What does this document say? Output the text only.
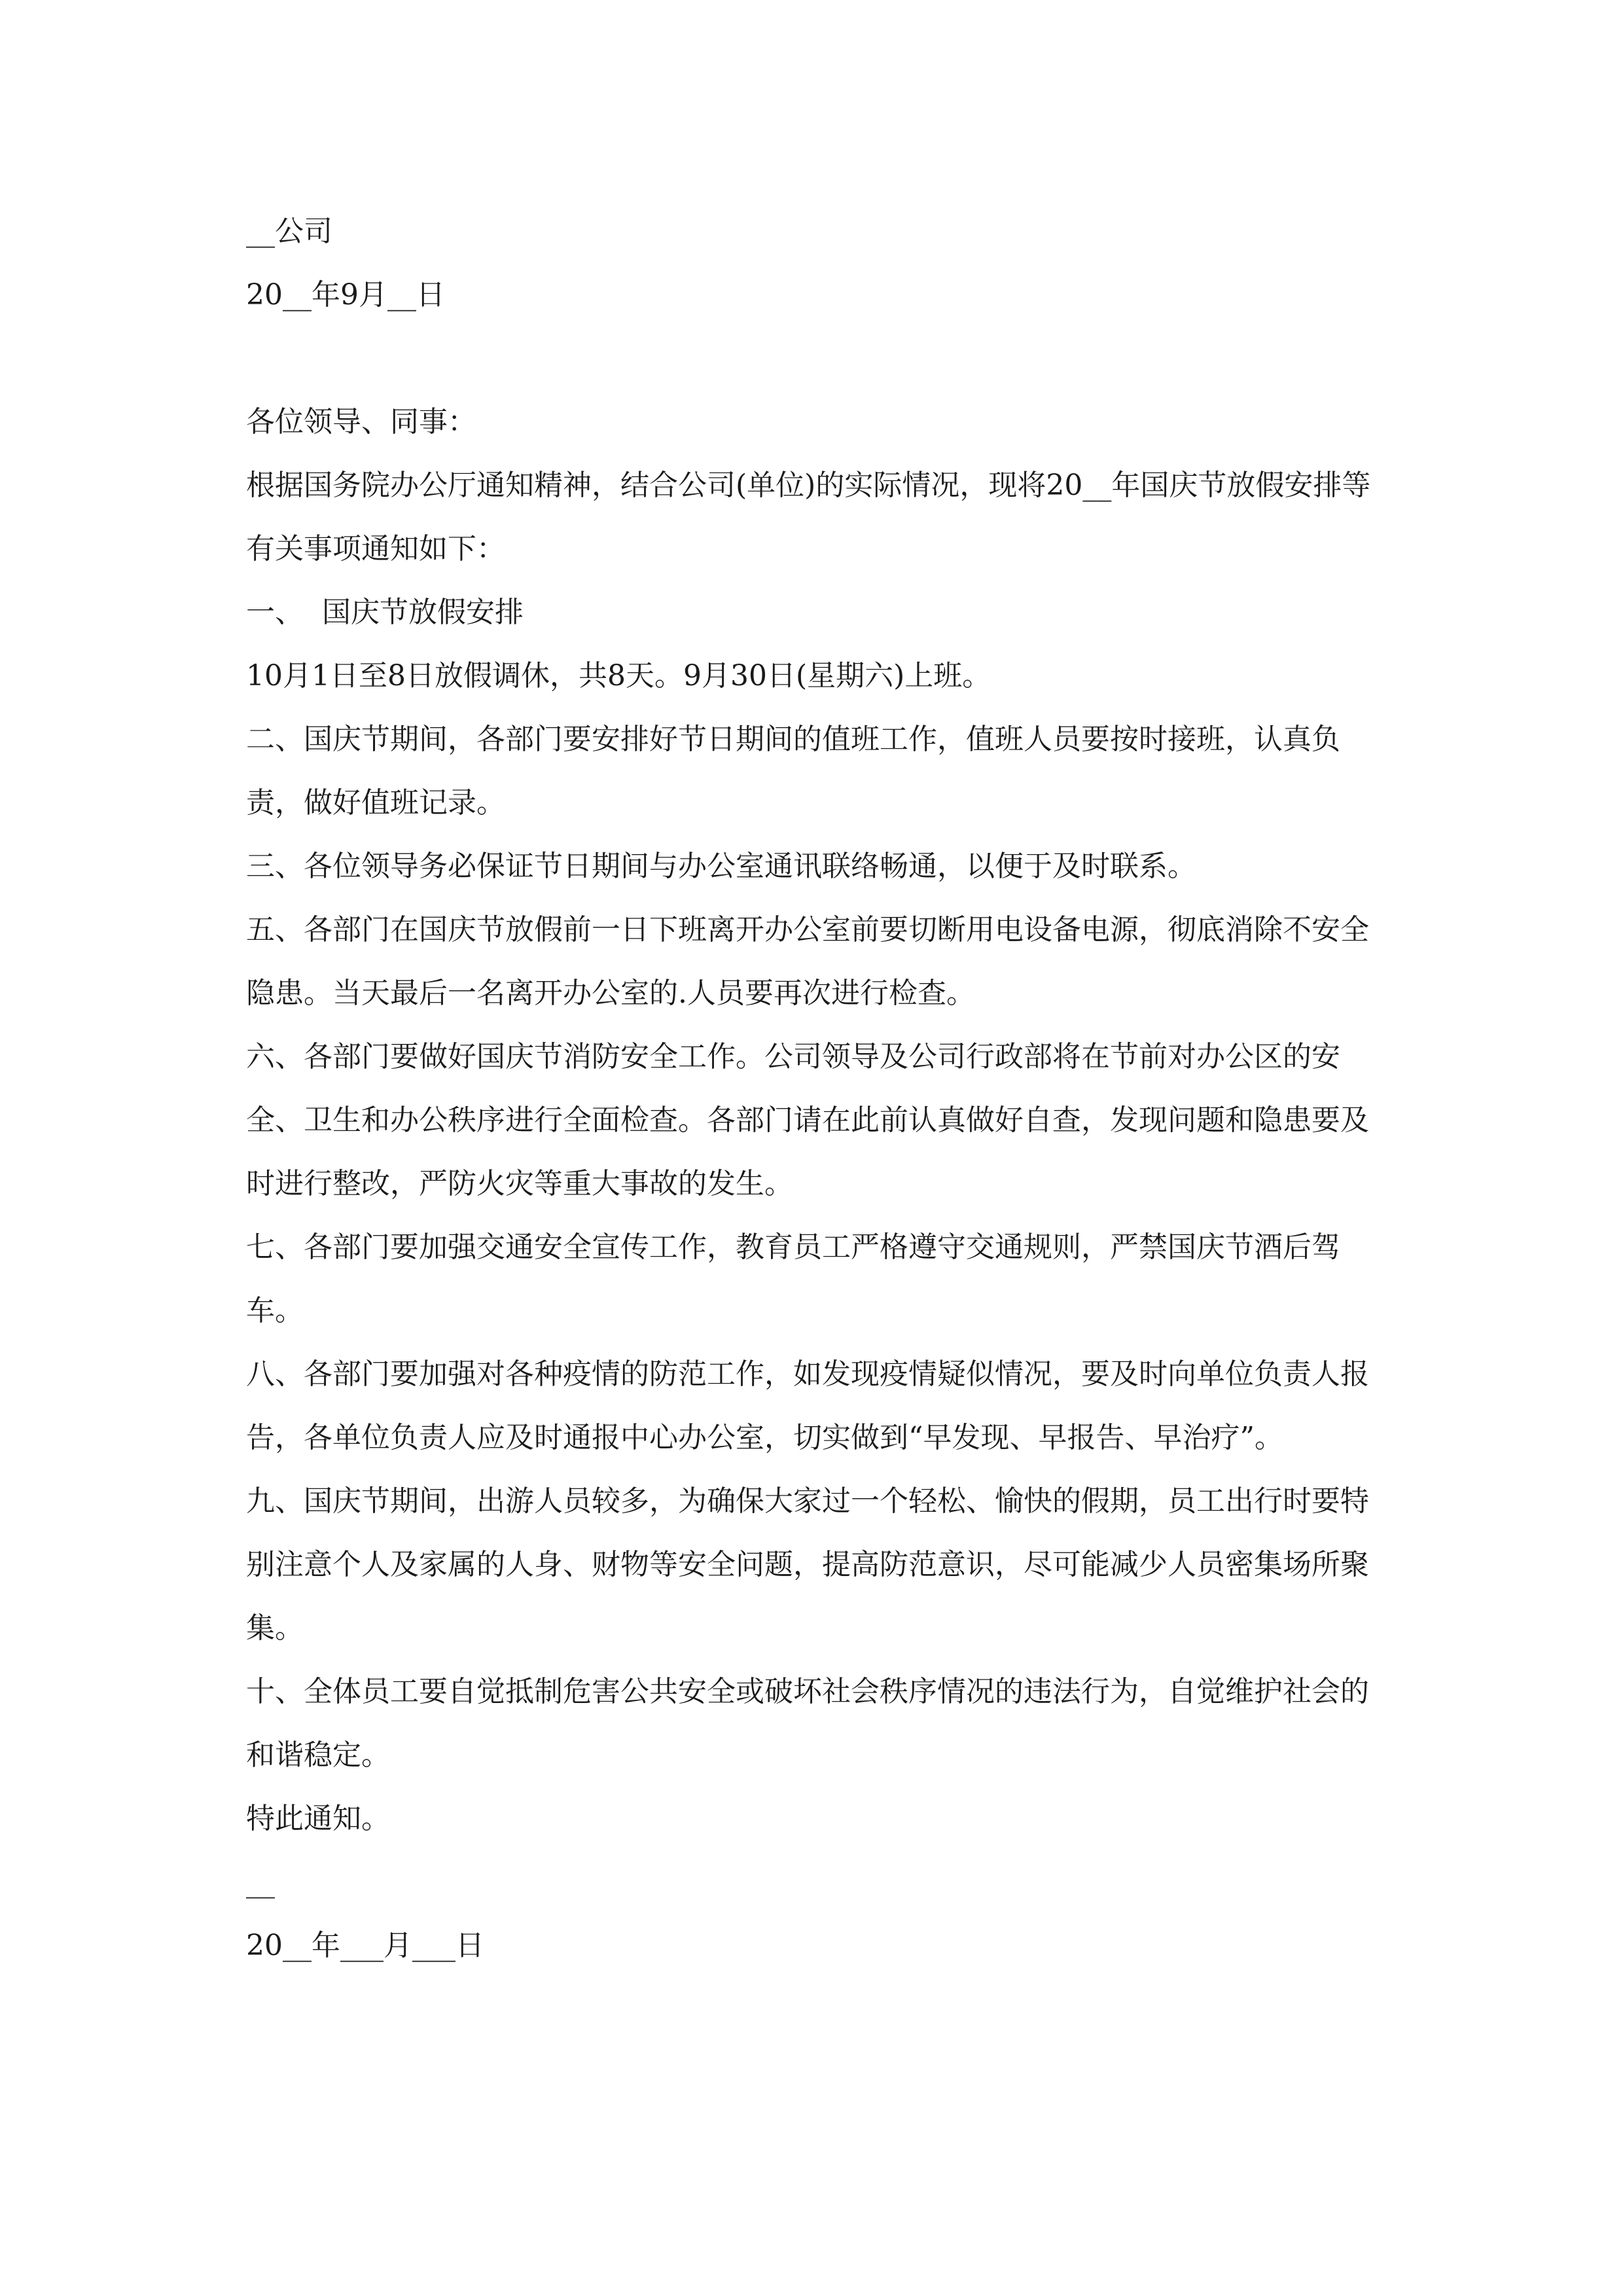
__公司

20__年9月__日

各位领导、同事：

根据国务院办公厅通知精神，结合公司(单位)的实际情况，现将20__年国庆节放假安排等有关事项通知如下：

一、  国庆节放假安排

10月1日至8日放假调休，共8天。9月30日(星期六)上班。

二、国庆节期间，各部门要安排好节日期间的值班工作，值班人员要按时接班，认真负责，做好值班记录。

三、各位领导务必保证节日期间与办公室通讯联络畅通，以便于及时联系。

五、各部门在国庆节放假前一日下班离开办公室前要切断用电设备电源，彻底消除不安全隐患。当天最后一名离开办公室的.人员要再次进行检查。

六、各部门要做好国庆节消防安全工作。公司领导及公司行政部将在节前对办公区的安全、卫生和办公秩序进行全面检查。各部门请在此前认真做好自查，发现问题和隐患要及时进行整改，严防火灾等重大事故的发生。

七、各部门要加强交通安全宣传工作，教育员工严格遵守交通规则，严禁国庆节酒后驾车。

八、各部门要加强对各种疫情的防范工作，如发现疫情疑似情况，要及时向单位负责人报告，各单位负责人应及时通报中心办公室，切实做到“早发现、早报告、早治疗”。

九、国庆节期间，出游人员较多，为确保大家过一个轻松、愉快的假期，员工出行时要特别注意个人及家属的人身、财物等安全问题，提高防范意识，尽可能减少人员密集场所聚集。

十、全体员工要自觉抵制危害公共安全或破坏社会秩序情况的违法行为，自觉维护社会的和谐稳定。

特此通知。

__

20__年___月___日
